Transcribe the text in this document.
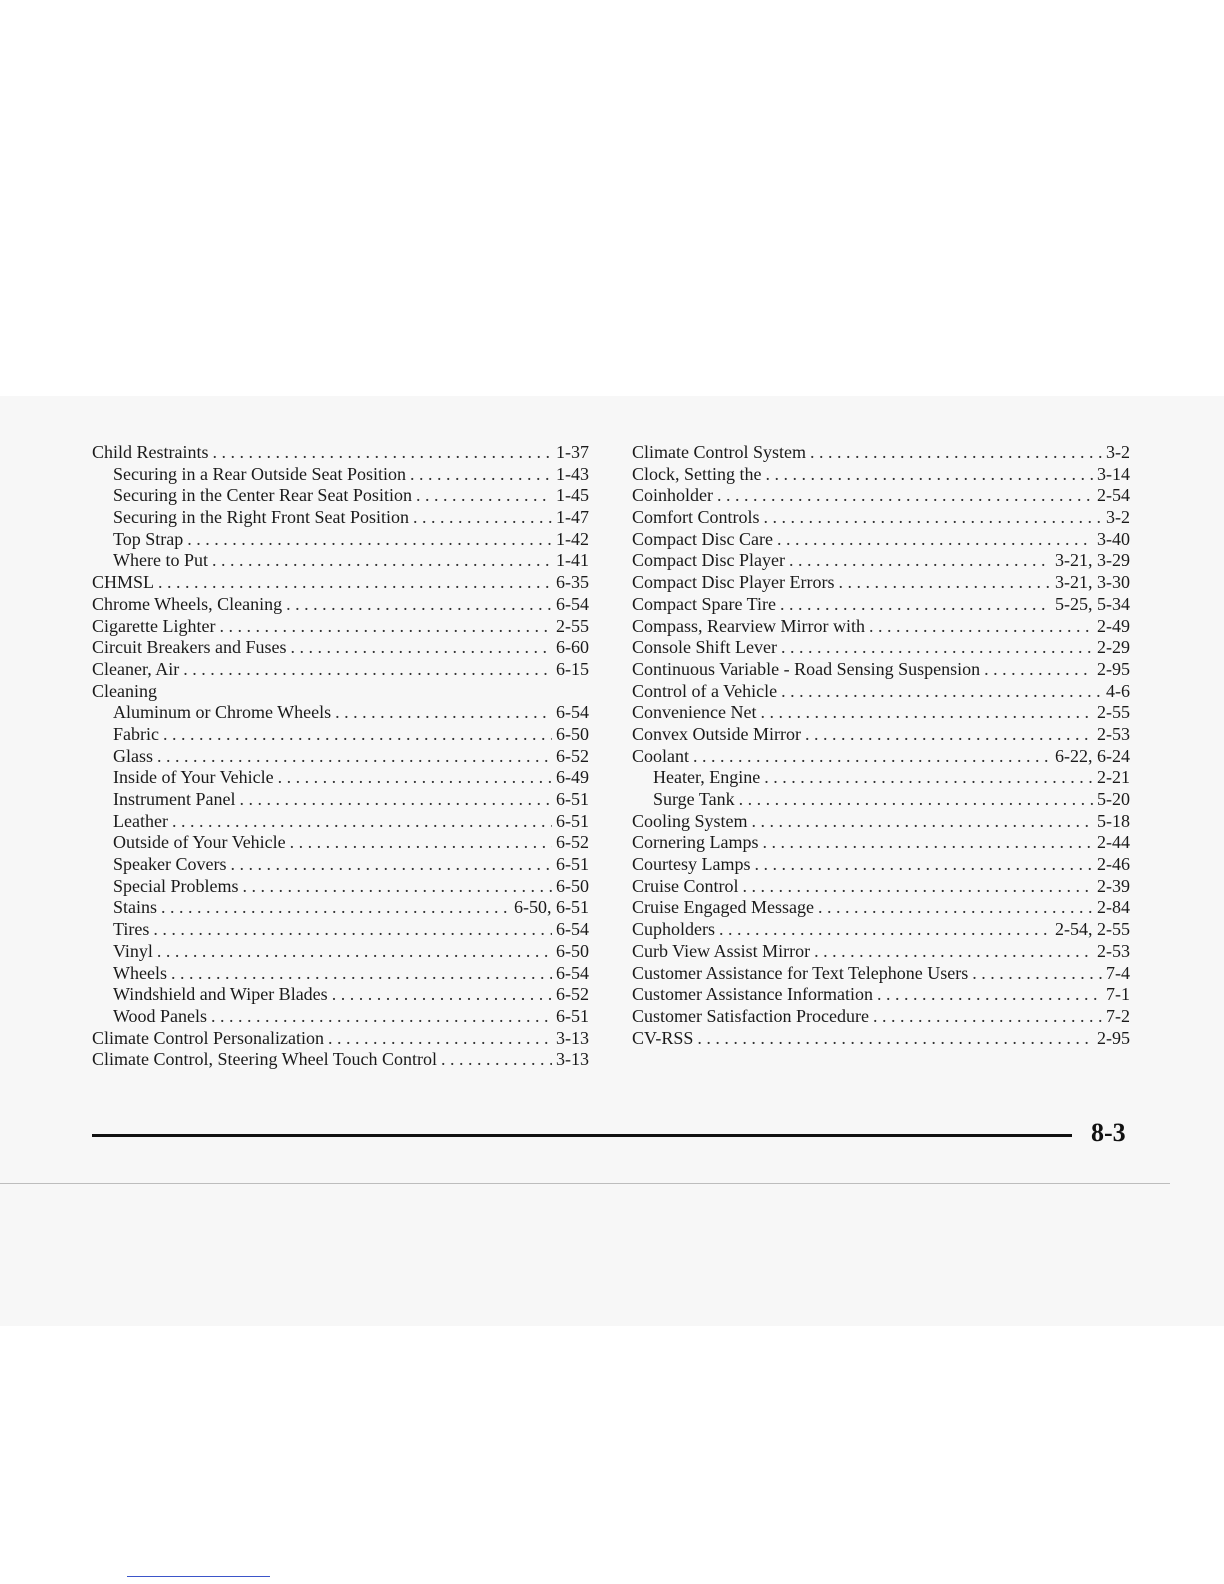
Child Restraints . . .	1-37
Securing in a Rear Outside Seat Position . . .	1-43
Securing in the Center Rear Seat Position . . .	1-45
Securing in the Right Front Seat Position . . .	1-47
Top Strap . . .	1-42
Where to Put . . .	1-41
CHMSL . . .	6-35
Chrome Wheels, Cleaning . . .	6-54
Cigarette Lighter . . .	2-55
Circuit Breakers and Fuses . . .	6-60
Cleaner, Air . . .	6-15
Cleaning
Aluminum or Chrome Wheels . . .	6-54
Fabric . . .	6-50
Glass . . .	6-52
Inside of Your Vehicle . . .	6-49
Instrument Panel . . .	6-51
Leather . . .	6-51
Outside of Your Vehicle . . .	6-52
Speaker Covers . . .	6-51
Special Problems . . .	6-50
Stains . . .	6-50, 6-51
Tires . . .	6-54
Vinyl . . .	6-50
Wheels . . .	6-54
Windshield and Wiper Blades . . .	6-52
Wood Panels . . .	6-51
Climate Control Personalization . . .	3-13
Climate Control, Steering Wheel Touch Control . . .	3-13
Climate Control System . . .	3-2
Clock, Setting the . . .	3-14
Coinholder . . .	2-54
Comfort Controls . . .	3-2
Compact Disc Care . . .	3-40
Compact Disc Player . . .	3-21, 3-29
Compact Disc Player Errors . . .	3-21, 3-30
Compact Spare Tire . . .	5-25, 5-34
Compass, Rearview Mirror with . . .	2-49
Console Shift Lever . . .	2-29
Continuous Variable - Road Sensing Suspension . . .	2-95
Control of a Vehicle . . .	4-6
Convenience Net . . .	2-55
Convex Outside Mirror . . .	2-53
Coolant . . .	6-22, 6-24
Heater, Engine . . .	2-21
Surge Tank . . .	5-20
Cooling System . . .	5-18
Cornering Lamps . . .	2-44
Courtesy Lamps . . .	2-46
Cruise Control . . .	2-39
Cruise Engaged Message . . .	2-84
Cupholders . . .	2-54, 2-55
Curb View Assist Mirror . . .	2-53
Customer Assistance for Text Telephone Users . . .	7-4
Customer Assistance Information . . .	7-1
Customer Satisfaction Procedure . . .	7-2
CV-RSS . . .	2-95
8-3
